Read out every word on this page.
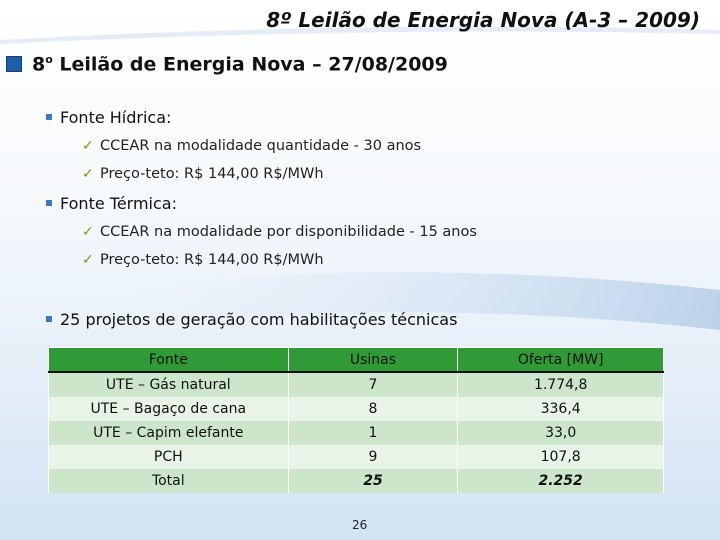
8º Leilão de Energia Nova (A-3 – 2009)
8$^o$ Leilão de Energia Nova – 27/08/2009
Fonte Hídrica:
✓ CCEAR na modalidade quantidade - 30 anos
✓ Preço-teto: R$ 144,00 R$/MWh
Fonte Térmica:
✓ CCEAR na modalidade por disponibilidade - 15 anos
✓ Preço-teto: R$ 144,00 R$/MWh
25 projetos de geração com habilitações técnicas
Fonte	Usinas	Oferta [MW]
UTE – Gás natural	7	1.774,8
UTE – Bagaço de cana	8	336,4
UTE – Capim elefante	1	33,0
PCH	9	107,8
Total	25	2.252
26
